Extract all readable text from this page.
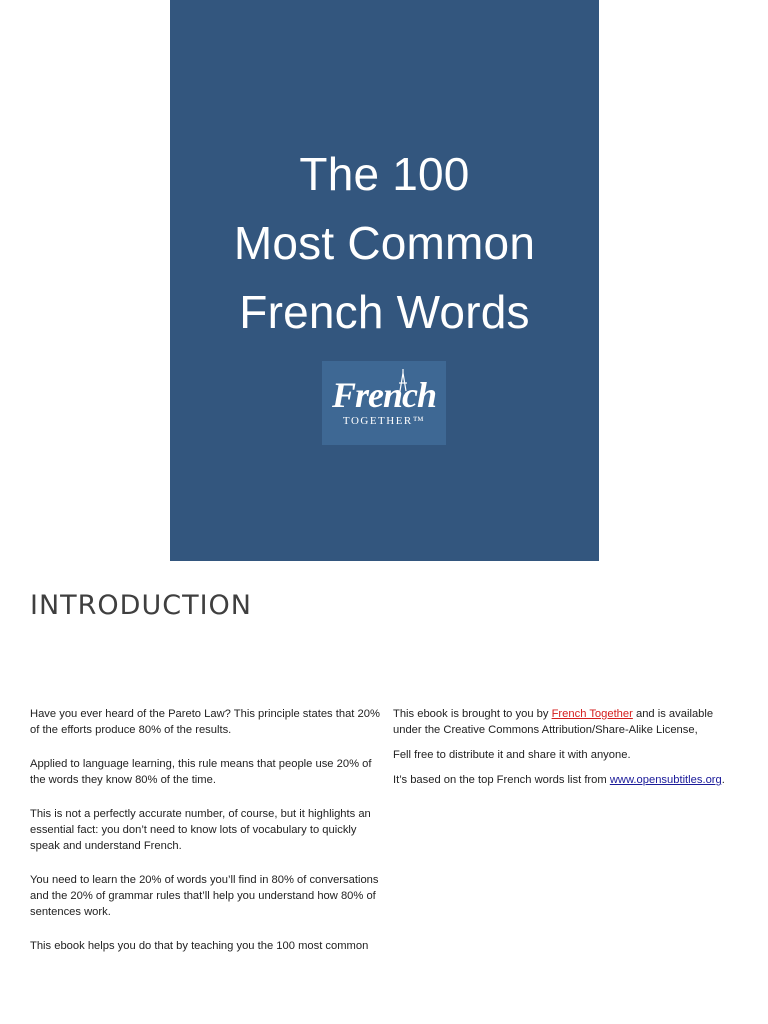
The 100
Most Common
French Words
French
TOGETHER™
INTRODUCTION

Have you ever heard of the Pareto Law? This principle states that 20% of the efforts produce 80% of the results.

Applied to language learning, this rule means that people use 20% of the words they know 80% of the time.

This is not a perfectly accurate number, of course, but it highlights an essential fact: you don’t need to know lots of vocabulary to quickly speak and understand French.

You need to learn the 20% of words you’ll find in 80% of conversations and the 20% of grammar rules that’ll help you understand how 80% of sentences work.

This ebook helps you do that by teaching you the 100 most common

This ebook is brought to you by French Together and is available under the Creative Commons Attribution/Share-Alike License,

Fell free to distribute it and share it with anyone.

It’s based on the top French words list from www.opensubtitles.org.
